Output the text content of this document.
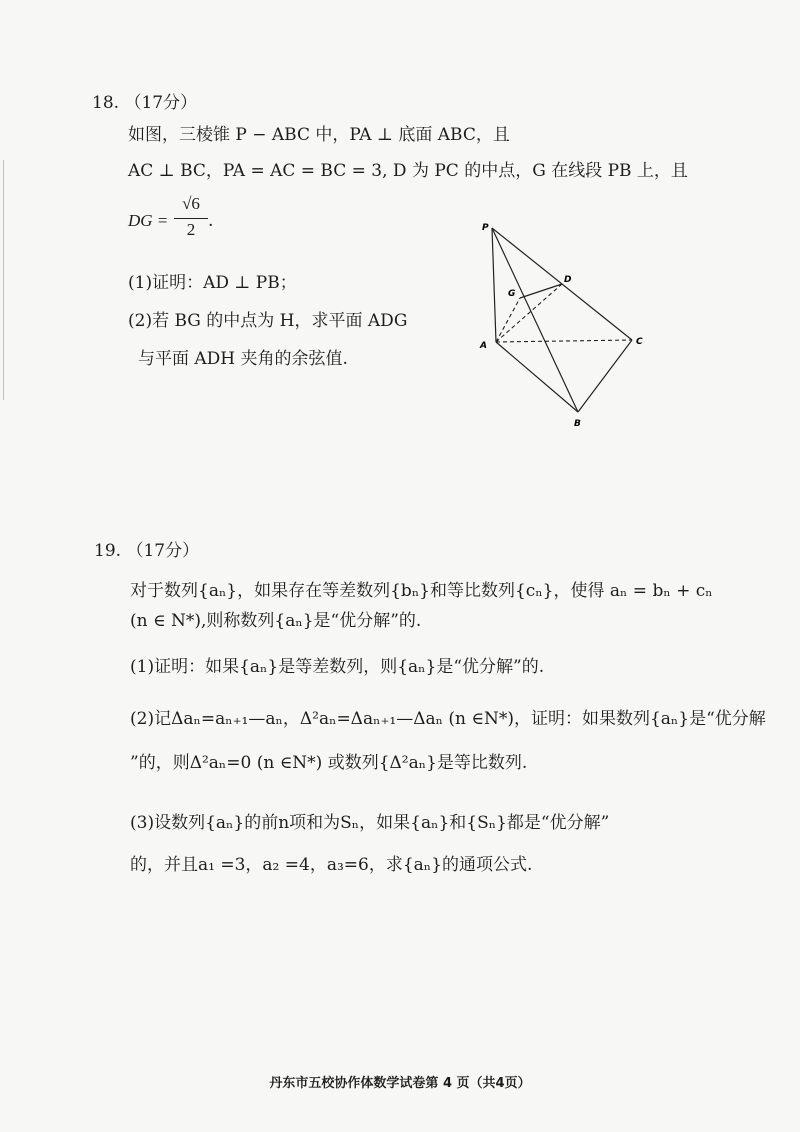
18. （17分）
如图，三棱锥 P − ABC 中，PA ⊥ 底面 ABC，且
AC ⊥ BC，PA = AC = BC = 3, D 为 PC 的中点，G 在线段 PB 上，且
DG =
√6
2 .
(1)证明：AD ⊥ PB；
(2)若 BG 的中点为 H，求平面 ADG
与平面 ADH 夹角的余弦值.
P
A
B
C
D
G
19. （17分）
对于数列{aₙ}，如果存在等差数列{bₙ}和等比数列{cₙ}，使得 aₙ = bₙ + cₙ
(n ∈ N*),则称数列{aₙ}是“优分解”的.
(1)证明：如果{aₙ}是等差数列，则{aₙ}是“优分解”的.
(2)记Δaₙ=aₙ₊₁—aₙ，Δ²aₙ=Δaₙ₊₁—Δaₙ (n ∈N*)，证明：如果数列{aₙ}是“优分解
”的，则Δ²aₙ=0 (n ∈N*) 或数列{Δ²aₙ}是等比数列.
(3)设数列{aₙ}的前n项和为Sₙ，如果{aₙ}和{Sₙ}都是“优分解”
的，并且a₁ =3，a₂ =4，a₃=6，求{aₙ}的通项公式.
丹东市五校协作体数学试卷第 4 页（共4页）
